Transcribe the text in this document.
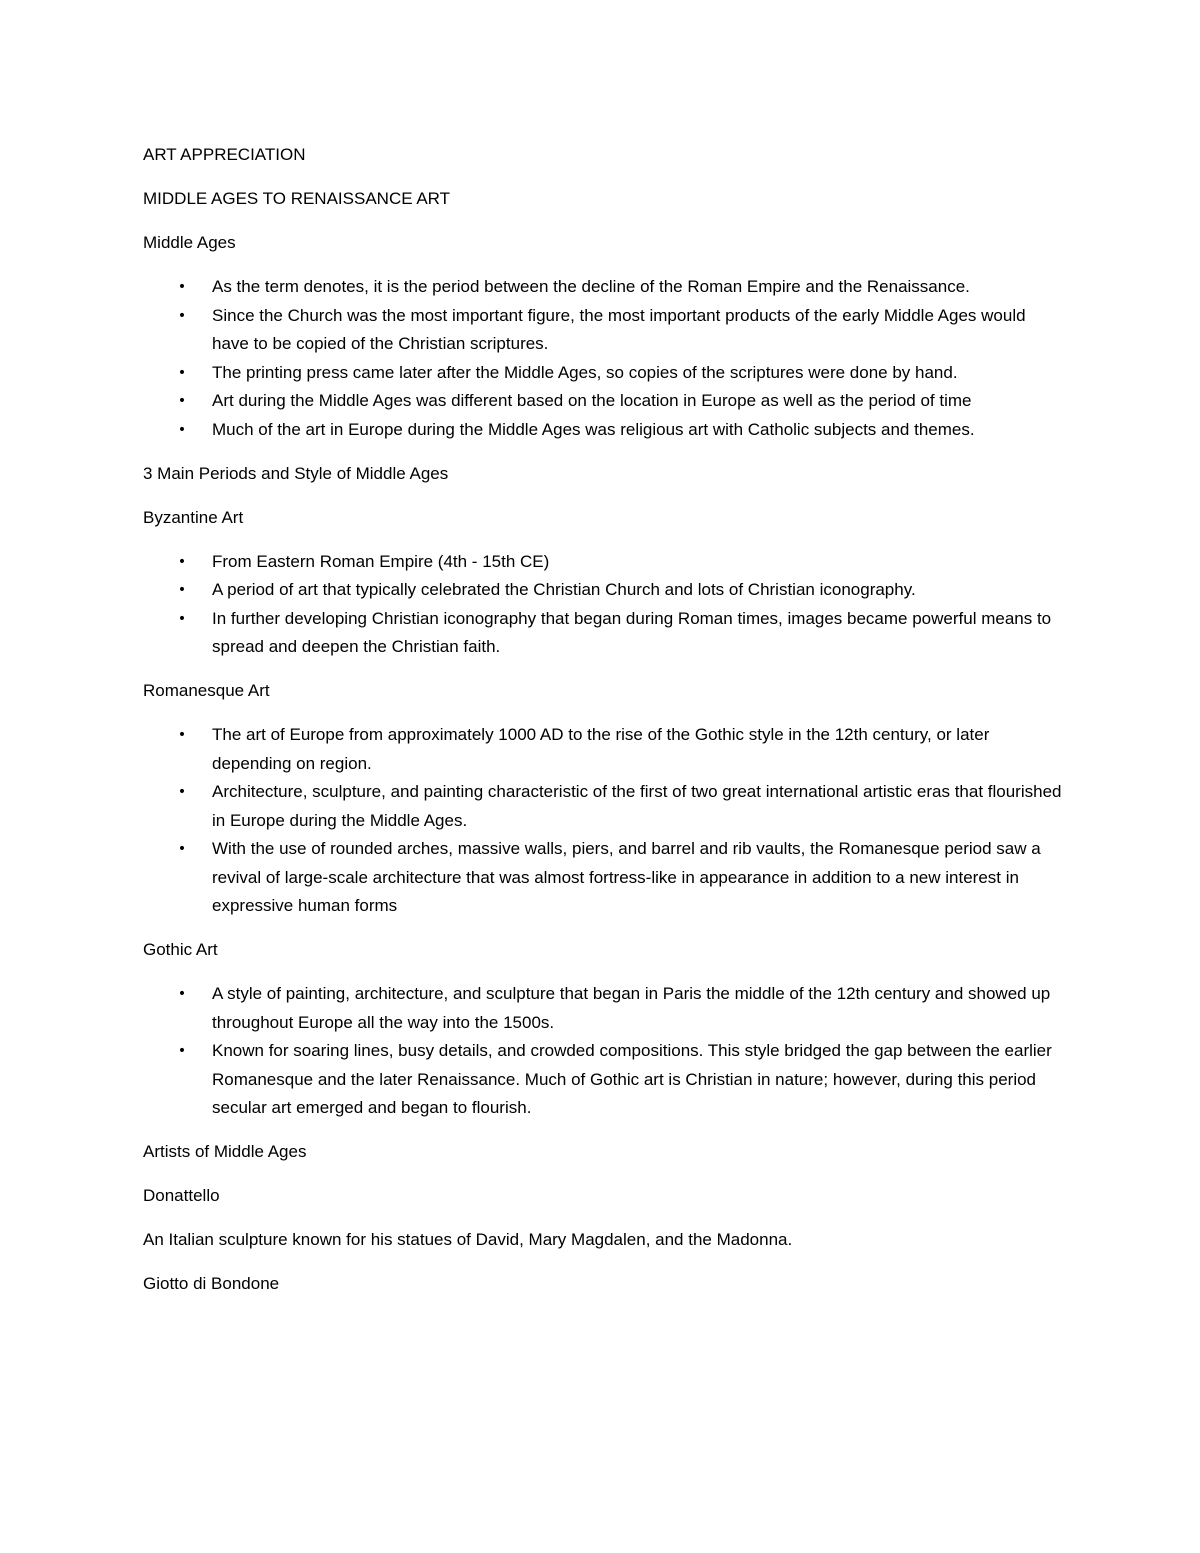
ART APPRECIATION

MIDDLE AGES TO RENAISSANCE ART

Middle Ages

• As the term denotes, it is the period between the decline of the Roman Empire and the Renaissance.
• Since the Church was the most important figure, the most important products of the early Middle Ages would have to be copied of the Christian scriptures.
• The printing press came later after the Middle Ages, so copies of the scriptures were done by hand.
• Art during the Middle Ages was different based on the location in Europe as well as the period of time
• Much of the art in Europe during the Middle Ages was religious art with Catholic subjects and themes.

3 Main Periods and Style of Middle Ages

Byzantine Art

• From Eastern Roman Empire (4th - 15th CE)
• A period of art that typically celebrated the Christian Church and lots of Christian iconography.
• In further developing Christian iconography that began during Roman times, images became powerful means to spread and deepen the Christian faith.

Romanesque Art

• The art of Europe from approximately 1000 AD to the rise of the Gothic style in the 12th century, or later depending on region.
• Architecture, sculpture, and painting characteristic of the first of two great international artistic eras that flourished in Europe during the Middle Ages.
• With the use of rounded arches, massive walls, piers, and barrel and rib vaults, the Romanesque period saw a revival of large-scale architecture that was almost fortress-like in appearance in addition to a new interest in expressive human forms

Gothic Art

• A style of painting, architecture, and sculpture that began in Paris the middle of the 12th century and showed up throughout Europe all the way into the 1500s.
• Known for soaring lines, busy details, and crowded compositions. This style bridged the gap between the earlier Romanesque and the later Renaissance. Much of Gothic art is Christian in nature; however, during this period secular art emerged and began to flourish.

Artists of Middle Ages

Donattello

An Italian sculpture known for his statues of David, Mary Magdalen, and the Madonna.

Giotto di Bondone
